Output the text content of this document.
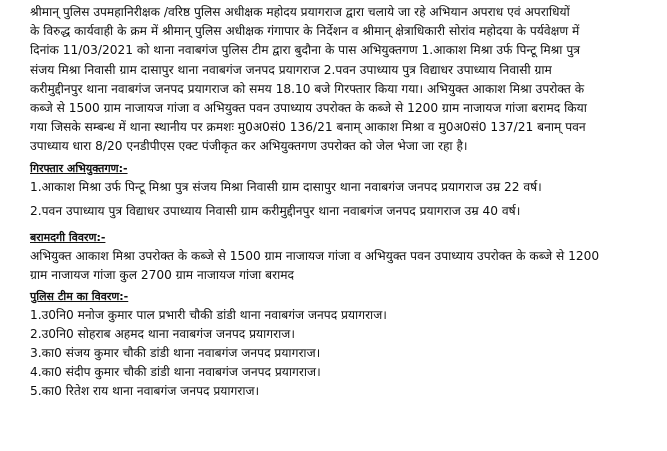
श्रीमान् पुलिस उपमहानिरीक्षक /वरिष्ठ पुलिस अधीक्षक महोदय प्रयागराज द्वारा चलाये जा रहे अभियान अपराध एवं अपराधियों

के विरुद्ध कार्यवाही के क्रम में श्रीमान् पुलिस अधीक्षक गंगापार के निर्देशन व श्रीमान् क्षेत्राधिकारी सोरांव महोदया के पर्यवेक्षण में

दिनांक 11/03/2021 को थाना नवाबगंज पुलिस टीम द्वारा बुदौना के पास अभियुक्तगण 1.आकाश मिश्रा उर्फ पिन्टू मिश्रा पुत्र

संजय मिश्रा निवासी ग्राम दासापुर थाना नवाबगंज जनपद प्रयागराज 2.पवन उपाध्याय पुत्र विद्याधर उपाध्याय निवासी ग्राम

करीमुद्दीनपुर थाना नवाबगंज जनपद प्रयागराज को समय 18.10 बजे गिरफ्तार किया गया। अभियुक्त आकाश मिश्रा उपरोक्त के

कब्जे से 1500 ग्राम नाजायज गांजा व अभियुक्त पवन उपाध्याय उपरोक्त के कब्जे से 1200 ग्राम नाजायज गांजा बरामद किया

गया जिसके सम्बन्ध में थाना स्थानीय पर क्रमशः मु0अ0सं0 136/21 बनाम् आकाश मिश्रा व मु0अ0सं0 137/21 बनाम् पवन

उपाध्याय धारा 8/20 एनडीपीएस एक्ट पंजीकृत कर अभियुक्तगण उपरोक्त को जेल भेजा जा रहा है।

गिरफ्तार अभियुक्तगण:-
1.आकाश मिश्रा उर्फ पिन्टू मिश्रा पुत्र संजय मिश्रा निवासी ग्राम दासापुर थाना नवाबगंज जनपद प्रयागराज उम्र 22 वर्ष।
2.पवन उपाध्याय पुत्र विद्याधर उपाध्याय निवासी ग्राम करीमुद्दीनपुर थाना नवाबगंज जनपद प्रयागराज उम्र 40 वर्ष।
बरामदगी विवरण:-
अभियुक्त आकाश मिश्रा उपरोक्त के कब्जे से 1500 ग्राम नाजायज गांजा व अभियुक्त पवन उपाध्याय उपरोक्त के कब्जे से 1200
ग्राम नाजायज गांजा कुल 2700 ग्राम नाजायज गांजा बरामद
पुलिस टीम का विवरण:-
1.उ0नि0 मनोज कुमार पाल प्रभारी चौकी डांडी थाना नवाबगंज जनपद प्रयागराज।
2.उ0नि0 सोहराब अहमद थाना नवाबगंज जनपद प्रयागराज।
3.का0 संजय कुमार चौकी डांडी थाना नवाबगंज जनपद प्रयागराज।
4.का0 संदीप कुमार चौकी डांडी थाना नवाबगंज जनपद प्रयागराज।
5.का0 रितेश राय थाना नवाबगंज जनपद प्रयागराज।
